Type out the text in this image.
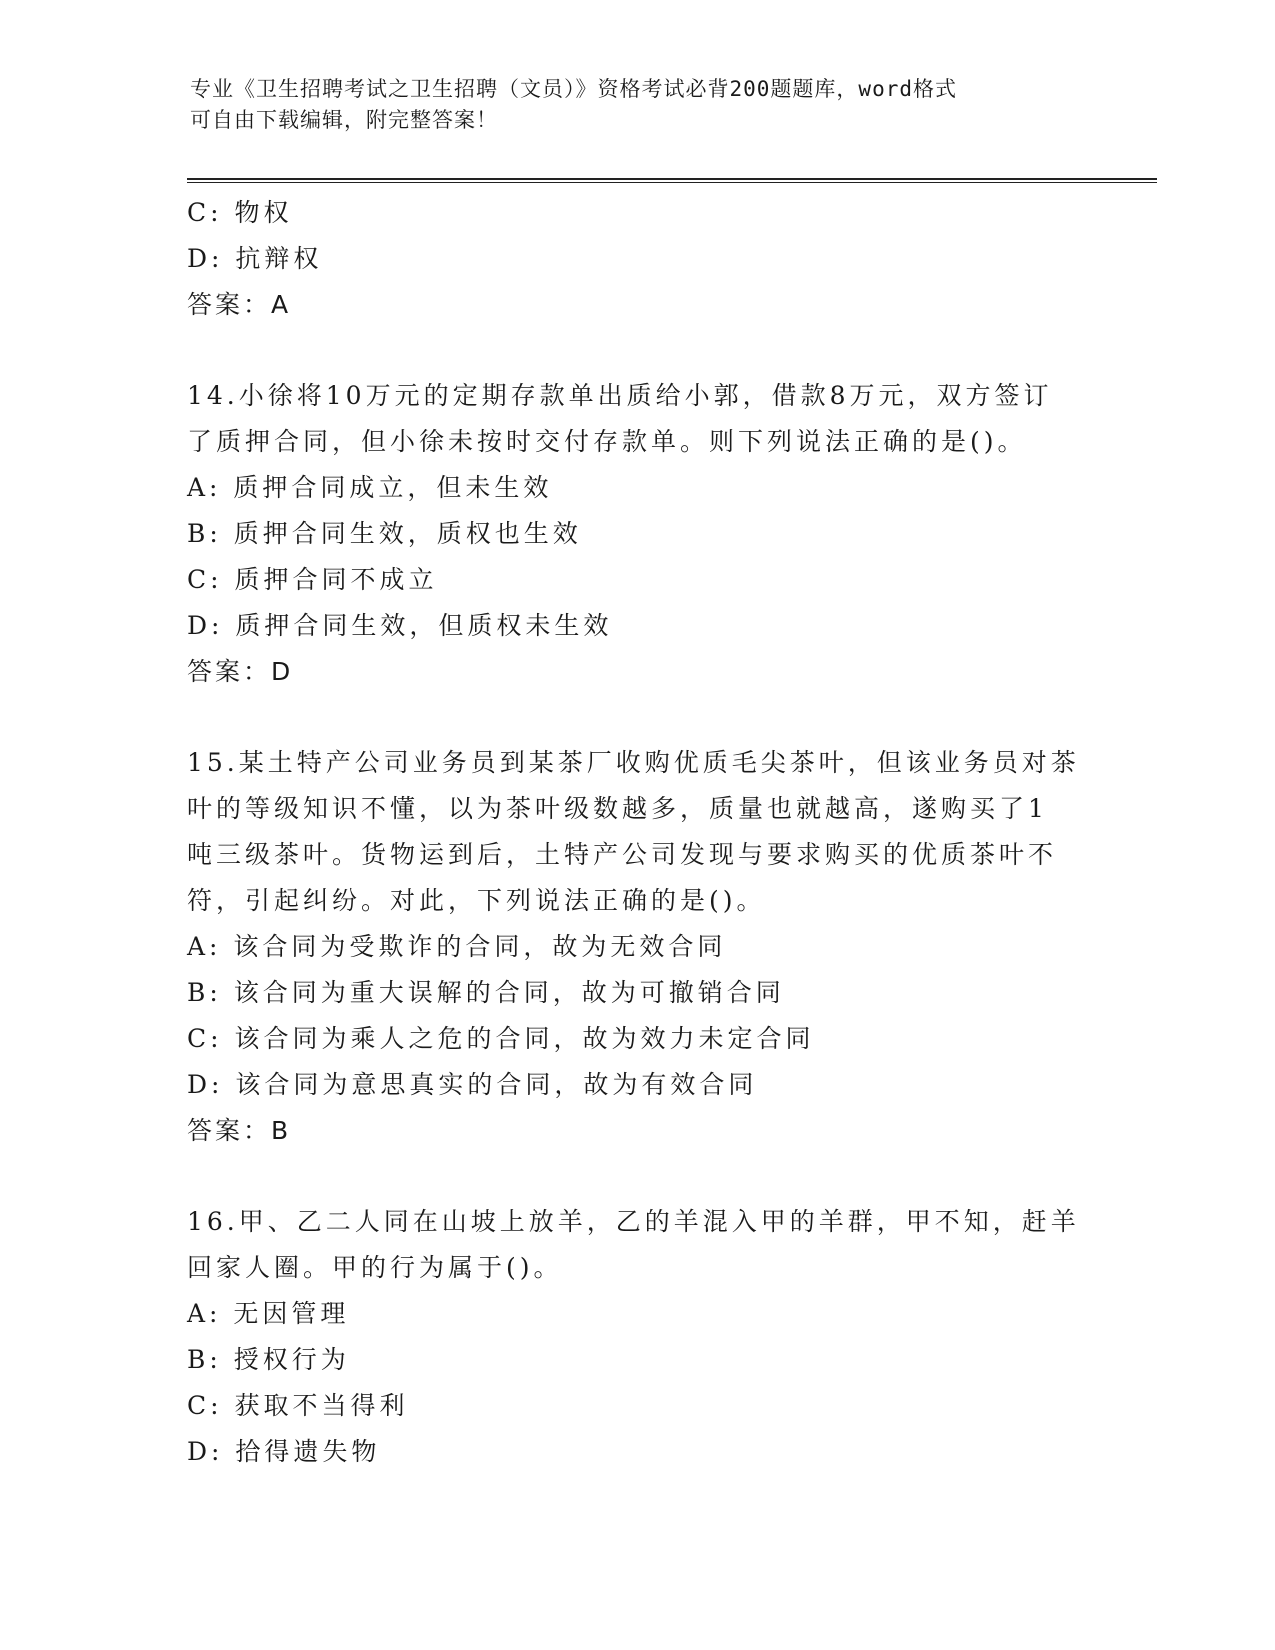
专业《卫生招聘考试之卫生招聘（文员）》资格考试必背200题题库，word格式
可自由下载编辑，附完整答案！
C: 物权
D: 抗辩权
答案：A
14.小徐将10万元的定期存款单出质给小郭，借款8万元，双方签订
了质押合同，但小徐未按时交付存款单。则下列说法正确的是()。
A: 质押合同成立，但未生效
B: 质押合同生效，质权也生效
C: 质押合同不成立
D: 质押合同生效，但质权未生效
答案：D
15.某土特产公司业务员到某茶厂收购优质毛尖茶叶，但该业务员对茶
叶的等级知识不懂，以为茶叶级数越多，质量也就越高，遂购买了1
吨三级茶叶。货物运到后，土特产公司发现与要求购买的优质茶叶不
符，引起纠纷。对此，下列说法正确的是()。
A: 该合同为受欺诈的合同，故为无效合同
B: 该合同为重大误解的合同，故为可撤销合同
C: 该合同为乘人之危的合同，故为效力未定合同
D: 该合同为意思真实的合同，故为有效合同
答案：B
16.甲、乙二人同在山坡上放羊，乙的羊混入甲的羊群，甲不知，赶羊
回家人圈。甲的行为属于()。
A: 无因管理
B: 授权行为
C: 获取不当得利
D: 拾得遗失物
